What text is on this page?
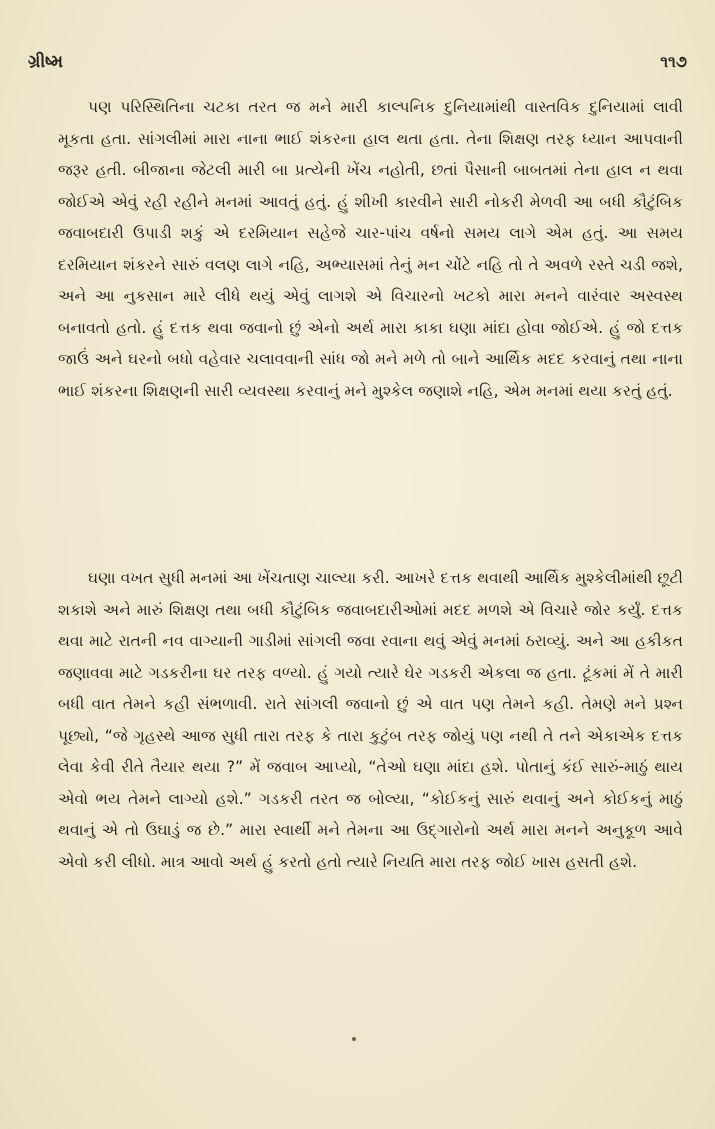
ગ્રીષ્મ	૧૧૭

પણ પરિસ્થિતિના ચટકા તરત જ મને મારી કાલ્પનિક દુનિયામાંથી વાસ્તવિક દુનિયામાં લાવી મૂકતા હતા. સાંગલીમાં મારા નાના ભાઈ શંકરના હાલ થતા હતા. તેના શિક્ષણ તરફ ધ્યાન આપવાની જરૂર હતી. બીજાના જેટલી મારી બા પ્રત્યેની ખેંચ નહોતી, છતાં પૈસાની બાબતમાં તેના હાલ ન થવા જોઈએ એવું રહી રહીને મનમાં આવતું હતું. હું શીખી કારવીને સારી નોકરી મેળવી આ બધી કૌટુંબિક જવાબદારી ઉપાડી શકું એ દરમિયાન સહેજે ચાર-પાંચ વર્ષનો સમય લાગે એમ હતું. આ સમય દરમિયાન શંકરને સારું વલણ લાગે નહિ, અભ્યાસમાં તેનું મન ચોંટે નહિ તો તે અવળે રસ્તે ચડી જશે, અને આ નુકસાન મારે લીધે થયું એવું લાગશે એ વિચારનો ખટકો મારા મનને વારંવાર અસ્વસ્થ બનાવતો હતો. હું દત્તક થવા જવાનો છું એનો અર્થ મારા કાકા ઘણા માંદા હોવા જોઈએ. હું જો દત્તક જાઉં અને ઘરનો બધો વહેવાર ચલાવવાની સાંધ જો મને મળે તો બાને આર્થિક મદદ કરવાનું તથા નાના ભાઈ શંકરના શિક્ષણની સારી વ્યવસ્થા કરવાનું મને મુશ્કેલ જણાશે નહિ, એમ મનમાં થયા કરતું હતું.

ઘણા વખત સુધી મનમાં આ ખેંચતાણ ચાલ્યા કરી. આખરે દત્તક થવાથી આર્થિક મુશ્કેલીમાંથી છૂટી શકાશે અને મારું શિક્ષણ તથા બધી કૌટુંબિક જવાબદારીઓમાં મદદ મળશે એ વિચારે જોર કર્યું. દત્તક થવા માટે રાતની નવ વાગ્યાની ગાડીમાં સાંગલી જવા રવાના થવું એવું મનમાં ઠરાવ્યું. અને આ હકીકત જણાવવા માટે ગડકરીના ઘર તરફ વળ્યો. હું ગયો ત્યારે ઘેર ગડકરી એકલા જ હતા. ટૂંકમાં મેં તે મારી બધી વાત તેમને કહી સંભળાવી. રાતે સાંગલી જવાનો છું એ વાત પણ તેમને કહી. તેમણે મને પ્રશ્ન પૂછ્યો, “જે ગૃહસ્થે આજ સુધી તારા તરફ કે તારા કુટુંબ તરફ જોયું પણ નથી તે તને એકાએક દત્તક લેવા કેવી રીતે તૈયાર થયા ?” મેં જવાબ આપ્યો, “તેઓ ઘણા માંદા હશે. પોતાનું કંઈ સારું-માઠું થાય એવો ભય તેમને લાગ્યો હશે.” ગડકરી તરત જ બોલ્યા, “કોઈકનું સારું થવાનું અને કોઈકનું માઠું થવાનું એ તો ઉઘાડું જ છે.” મારા સ્વાર્થી મને તેમના આ ઉદ્ગારોનો અર્થ મારા મનને અનુકૂળ આવે એવો કરી લીધો. માત્ર આવો અર્થ હું કરતો હતો ત્યારે નિયતિ મારા તરફ જોઈ ખાસ હસતી હશે.
